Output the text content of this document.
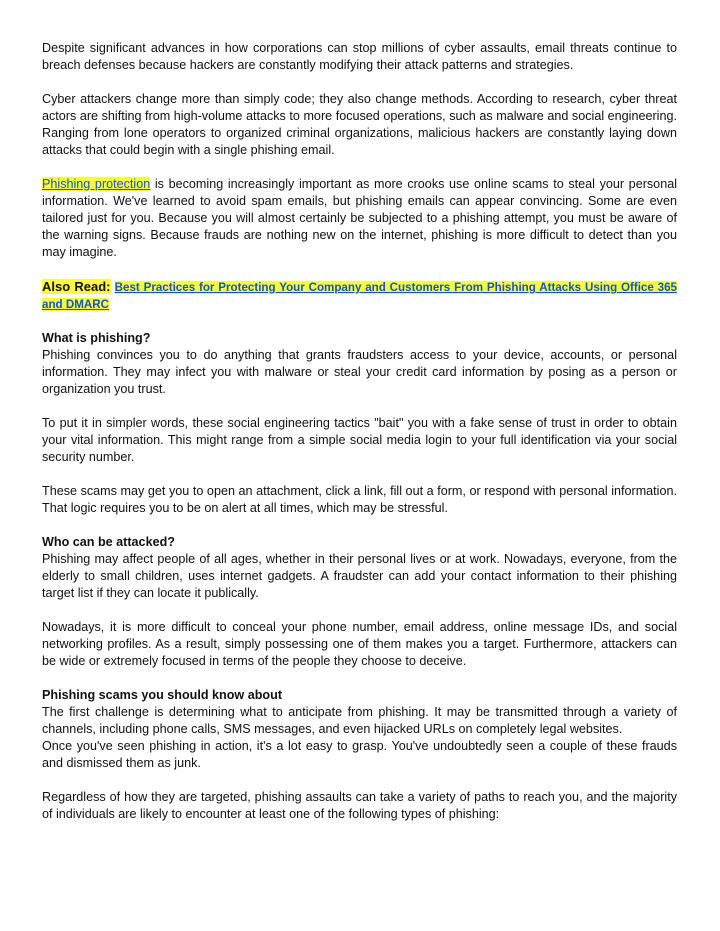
Despite significant advances in how corporations can stop millions of cyber assaults, email threats continue to breach defenses because hackers are constantly modifying their attack patterns and strategies.

Cyber attackers change more than simply code; they also change methods. According to research, cyber threat actors are shifting from high-volume attacks to more focused operations, such as malware and social engineering. Ranging from lone operators to organized criminal organizations, malicious hackers are constantly laying down attacks that could begin with a single phishing email.

Phishing protection is becoming increasingly important as more crooks use online scams to steal your personal information. We've learned to avoid spam emails, but phishing emails can appear convincing. Some are even tailored just for you. Because you will almost certainly be subjected to a phishing attempt, you must be aware of the warning signs. Because frauds are nothing new on the internet, phishing is more difficult to detect than you may imagine.

Also Read: Best Practices for Protecting Your Company and Customers From Phishing Attacks Using Office 365 and DMARC

What is phishing?

Phishing convinces you to do anything that grants fraudsters access to your device, accounts, or personal information. They may infect you with malware or steal your credit card information by posing as a person or organization you trust.

To put it in simpler words, these social engineering tactics "bait" you with a fake sense of trust in order to obtain your vital information. This might range from a simple social media login to your full identification via your social security number.

These scams may get you to open an attachment, click a link, fill out a form, or respond with personal information. That logic requires you to be on alert at all times, which may be stressful.

Who can be attacked?

Phishing may affect people of all ages, whether in their personal lives or at work. Nowadays, everyone, from the elderly to small children, uses internet gadgets. A fraudster can add your contact information to their phishing target list if they can locate it publically.

Nowadays, it is more difficult to conceal your phone number, email address, online message IDs, and social networking profiles. As a result, simply possessing one of them makes you a target. Furthermore, attackers can be wide or extremely focused in terms of the people they choose to deceive.

Phishing scams you should know about

The first challenge is determining what to anticipate from phishing. It may be transmitted through a variety of channels, including phone calls, SMS messages, and even hijacked URLs on completely legal websites.

Once you've seen phishing in action, it's a lot easy to grasp. You've undoubtedly seen a couple of these frauds and dismissed them as junk.

Regardless of how they are targeted, phishing assaults can take a variety of paths to reach you, and the majority of individuals are likely to encounter at least one of the following types of phishing:
